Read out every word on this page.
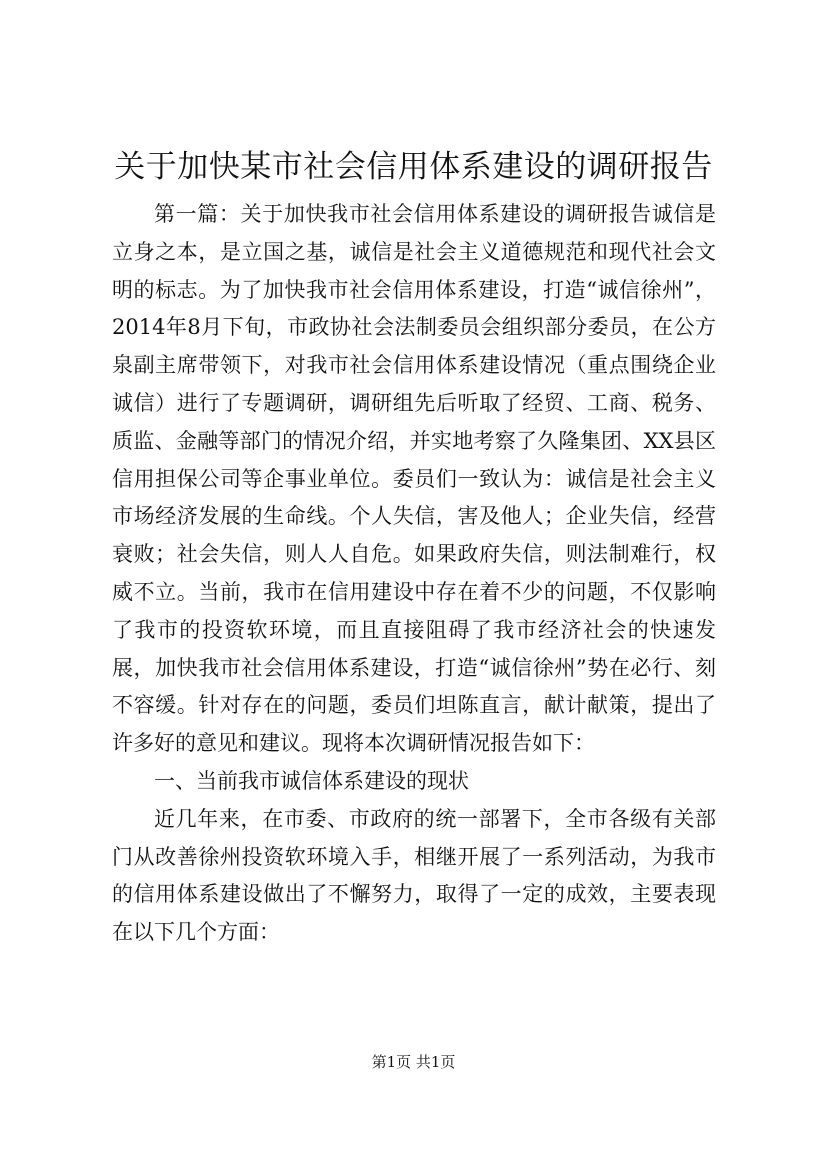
关于加快某市社会信用体系建设的调研报告

第一篇：关于加快我市社会信用体系建设的调研报告诚信是立身之本，是立国之基，诚信是社会主义道德规范和现代社会文明的标志。为了加快我市社会信用体系建设，打造“诚信徐州”，2014年8月下旬，市政协社会法制委员会组织部分委员，在公方泉副主席带领下，对我市社会信用体系建设情况（重点围绕企业诚信）进行了专题调研，调研组先后听取了经贸、工商、税务、质监、金融等部门的情况介绍，并实地考察了久隆集团、XX县区信用担保公司等企事业单位。委员们一致认为：诚信是社会主义市场经济发展的生命线。个人失信，害及他人；企业失信，经营衰败；社会失信，则人人自危。如果政府失信，则法制难行，权威不立。当前，我市在信用建设中存在着不少的问题，不仅影响了我市的投资软环境，而且直接阻碍了我市经济社会的快速发展，加快我市社会信用体系建设，打造“诚信徐州”势在必行、刻不容缓。针对存在的问题，委员们坦陈直言，献计献策，提出了许多好的意见和建议。现将本次调研情况报告如下：

一、当前我市诚信体系建设的现状

近几年来，在市委、市政府的统一部署下，全市各级有关部门从改善徐州投资软环境入手，相继开展了一系列活动，为我市的信用体系建设做出了不懈努力，取得了一定的成效，主要表现在以下几个方面：

第1页 共1页
